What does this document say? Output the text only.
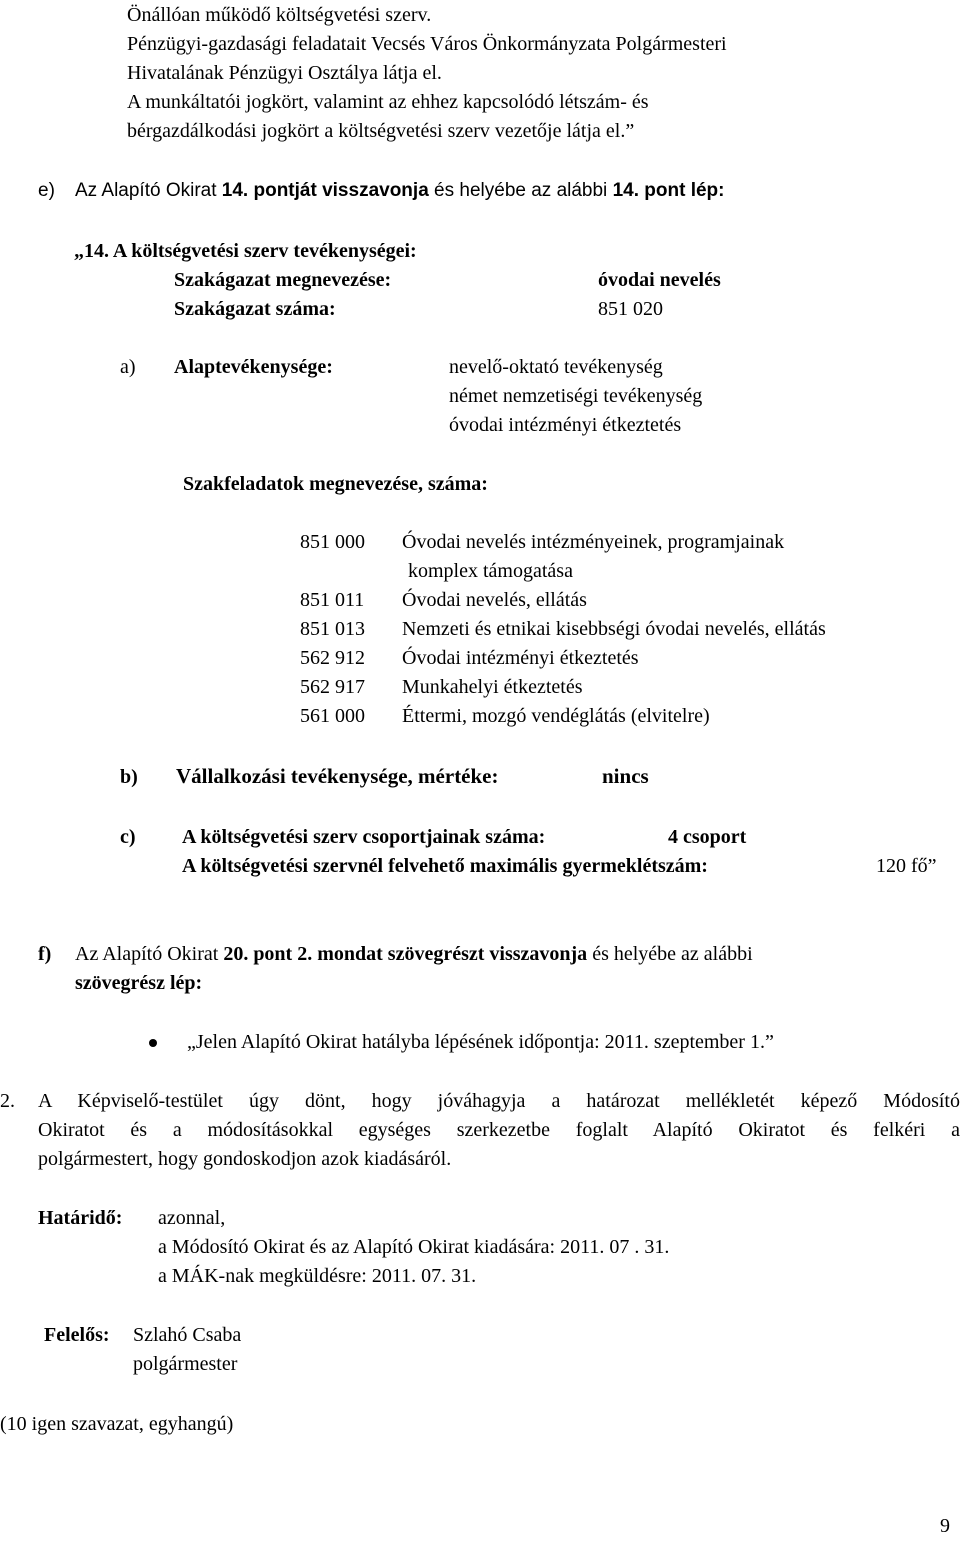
Önállóan működő költségvetési szerv.
Pénzügyi-gazdasági feladatait Vecsés Város Önkormányzata Polgármesteri
Hivatalának Pénzügyi Osztálya látja el.
A munkáltatói jogkört, valamint az ehhez kapcsolódó létszám- és
bérgazdálkodási jogkört a költségvetési szerv vezetője látja el.”
e) Az Alapító Okirat 14. pontját visszavonja és helyébe az alábbi 14. pont lép:
„14. A költségvetési szerv tevékenységei:
Szakágazat megnevezése:	óvodai nevelés
Szakágazat száma:	851 020
a) Alaptevékenysége:	nevelő-oktató tevékenység
német nemzetiségi tevékenység
óvodai intézményi étkeztetés
Szakfeladatok megnevezése, száma:
851 000 Óvodai nevelés intézményeinek, programjainak
komplex támogatása
851 011 Óvodai nevelés, ellátás
851 013 Nemzeti és etnikai kisebbségi óvodai nevelés, ellátás
562 912 Óvodai intézményi étkeztetés
562 917 Munkahelyi étkeztetés
561 000 Éttermi, mozgó vendéglátás (elvitelre)
b) Vállalkozási tevékenysége, mértéke:	nincs
c) A költségvetési szerv csoportjainak száma:	4 csoport
A költségvetési szervnél felvehető maximális gyermeklétszám:	120 fő”
f) Az Alapító Okirat 20. pont 2. mondat szövegrészt visszavonja és helyébe az alábbi
szövegrész lép:
„Jelen Alapító Okirat hatályba lépésének időpontja: 2011. szeptember 1.”
2. A Képviselő-testület úgy dönt, hogy jóváhagyja a határozat mellékletét képező Módosító
Okiratot és a módosításokkal egységes szerkezetbe foglalt Alapító Okiratot és felkéri a
polgármestert, hogy gondoskodjon azok kiadásáról.
Határidő: azonnal,
a Módosító Okirat és az Alapító Okirat kiadására: 2011. 07 . 31.
a MÁK-nak megküldésre: 2011. 07. 31.
Felelős: Szlahó Csaba
polgármester
(10 igen szavazat, egyhangú)
9
